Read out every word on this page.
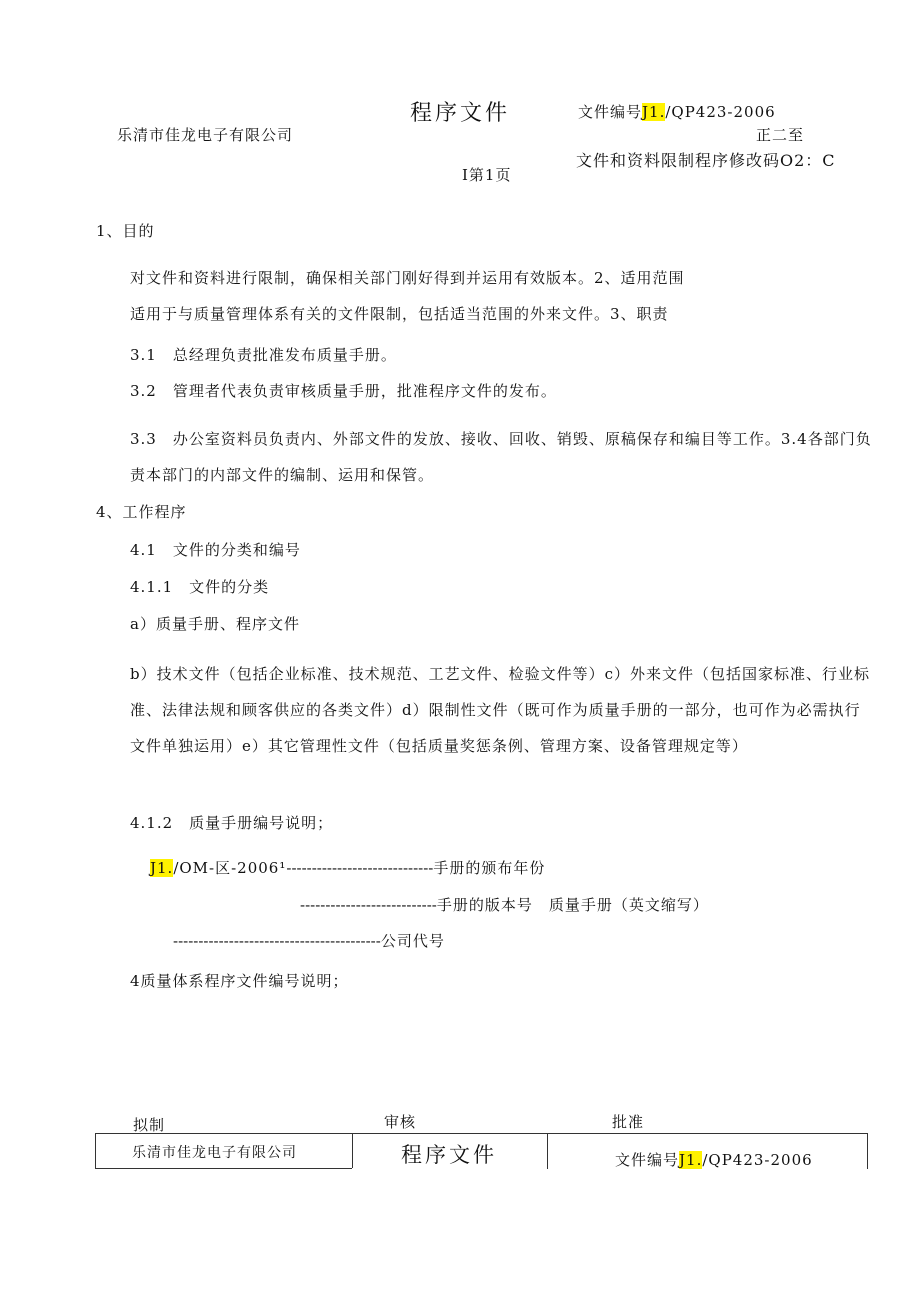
程序文件	文件编号J1./QP423-2006
乐清市佳龙电子有限公司	正二至
文件和资料限制程序修改码O2：C
I第1页
1、目的
对文件和资料进行限制，确保相关部门刚好得到并运用有效版本。2、适用范围
适用于与质量管理体系有关的文件限制，包括适当范围的外来文件。3、职责
3.1　总经理负责批准发布质量手册。
3.2　管理者代表负责审核质量手册，批准程序文件的发布。
3.3　办公室资料员负责内、外部文件的发放、接收、回收、销毁、原稿保存和编目等工作。3.4各部门负责本部门的内部文件的编制、运用和保管。
4、工作程序
4.1　文件的分类和编号
4.1.1　文件的分类
a）质量手册、程序文件
b）技术文件（包括企业标准、技术规范、工艺文件、检验文件等）c）外来文件（包括国家标准、行业标准、法律法规和顾客供应的各类文件）d）限制性文件（既可作为质量手册的一部分，也可作为必需执行文件单独运用）e）其它管理性文件（包括质量奖惩条例、管理方案、设备管理规定等）
4.1.2　质量手册编号说明；
J1./OM-区-2006¹-----------------------------手册的颁布年份
---------------------------手册的版本号　质量手册（英文缩写）
-----------------------------------------公司代号
4质量体系程序文件编号说明；
拟制	审核	批准
乐清市佳龙电子有限公司	程序文件	文件编号J1./QP423-2006
